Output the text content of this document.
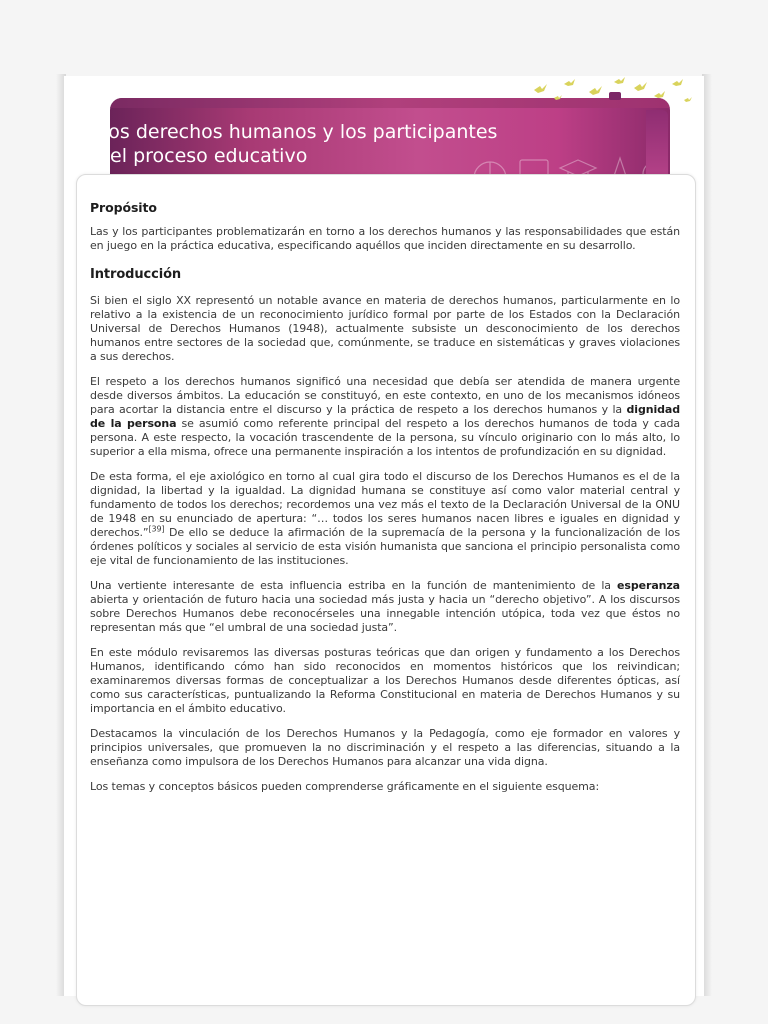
Los derechos humanos y los participantes
del proceso educativo
Propósito

Las y los participantes problematizarán en torno a los derechos humanos y las responsabilidades que están en juego en la práctica educativa, especificando aquéllos que inciden directamente en su desarrollo.

Introducción

Si bien el siglo XX representó un notable avance en materia de derechos humanos, particularmente en lo relativo a la existencia de un reconocimiento jurídico formal por parte de los Estados con la Declaración Universal de Derechos Humanos (1948), actualmente subsiste un desconocimiento de los derechos humanos entre sectores de la sociedad que, comúnmente, se traduce en sistemáticas y graves violaciones a sus derechos.

El respeto a los derechos humanos significó una necesidad que debía ser atendida de manera urgente desde diversos ámbitos. La educación se constituyó, en este contexto, en uno de los mecanismos idóneos para acortar la distancia entre el discurso y la práctica de respeto a los derechos humanos y la dignidad de la persona se asumió como referente principal del respeto a los derechos humanos de toda y cada persona. A este respecto, la vocación trascendente de la persona, su vínculo originario con lo más alto, lo superior a ella misma, ofrece una permanente inspiración a los intentos de profundización en su dignidad.

De esta forma, el eje axiológico en torno al cual gira todo el discurso de los Derechos Humanos es el de la dignidad, la libertad y la igualdad. La dignidad humana se constituye así como valor material central y fundamento de todos los derechos; recordemos una vez más el texto de la Declaración Universal de la ONU de 1948 en su enunciado de apertura: “… todos los seres humanos nacen libres e iguales en dignidad y derechos.”[39] De ello se deduce la afirmación de la supremacía de la persona y la funcionalización de los órdenes políticos y sociales al servicio de esta visión humanista que sanciona el principio personalista como eje vital de funcionamiento de las instituciones.

Una vertiente interesante de esta influencia estriba en la función de mantenimiento de la esperanza abierta y orientación de futuro hacia una sociedad más justa y hacia un “derecho objetivo”. A los discursos sobre Derechos Humanos debe reconocérseles una innegable intención utópica, toda vez que éstos no representan más que “el umbral de una sociedad justa”.

En este módulo revisaremos las diversas posturas teóricas que dan origen y fundamento a los Derechos Humanos, identificando cómo han sido reconocidos en momentos históricos que los reivindican; examinaremos diversas formas de conceptualizar a los Derechos Humanos desde diferentes ópticas, así como sus características, puntualizando la Reforma Constitucional en materia de Derechos Humanos y su importancia en el ámbito educativo.

Destacamos la vinculación de los Derechos Humanos y la Pedagogía, como eje formador en valores y principios universales, que promueven la no discriminación y el respeto a las diferencias, situando a la enseñanza como impulsora de los Derechos Humanos para alcanzar una vida digna.

Los temas y conceptos básicos pueden comprenderse gráficamente en el siguiente esquema:
